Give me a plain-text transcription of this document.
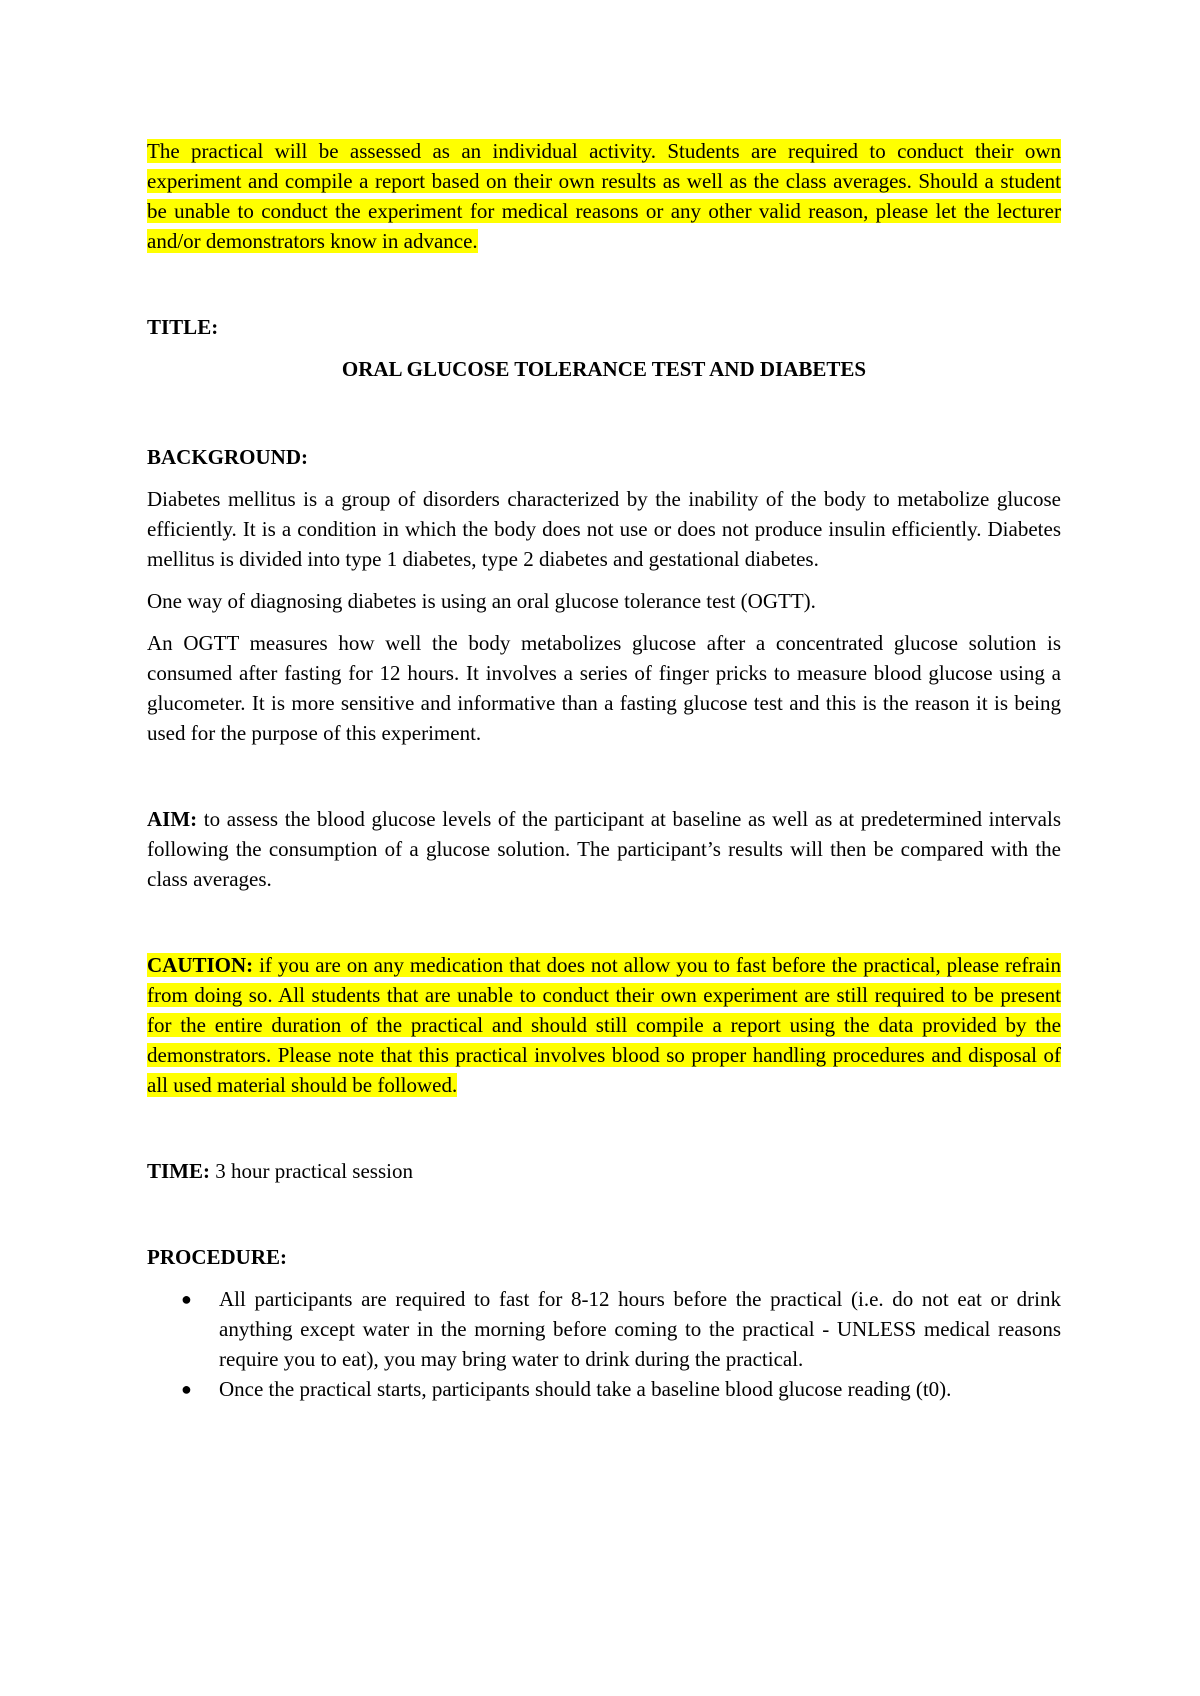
The practical will be assessed as an individual activity. Students are required to conduct their own experiment and compile a report based on their own results as well as the class averages. Should a student be unable to conduct the experiment for medical reasons or any other valid reason, please let the lecturer and/or demonstrators know in advance.

TITLE:

ORAL GLUCOSE TOLERANCE TEST AND DIABETES

BACKGROUND:

Diabetes mellitus is a group of disorders characterized by the inability of the body to metabolize glucose efficiently. It is a condition in which the body does not use or does not produce insulin efficiently. Diabetes mellitus is divided into type 1 diabetes, type 2 diabetes and gestational diabetes.

One way of diagnosing diabetes is using an oral glucose tolerance test (OGTT).

An OGTT measures how well the body metabolizes glucose after a concentrated glucose solution is consumed after fasting for 12 hours. It involves a series of finger pricks to measure blood glucose using a glucometer. It is more sensitive and informative than a fasting glucose test and this is the reason it is being used for the purpose of this experiment.

AIM: to assess the blood glucose levels of the participant at baseline as well as at predetermined intervals following the consumption of a glucose solution. The participant’s results will then be compared with the class averages.

CAUTION: if you are on any medication that does not allow you to fast before the practical, please refrain from doing so. All students that are unable to conduct their own experiment are still required to be present for the entire duration of the practical and should still compile a report using the data provided by the demonstrators. Please note that this practical involves blood so proper handling procedures and disposal of all used material should be followed.

TIME: 3 hour practical session

PROCEDURE:

● All participants are required to fast for 8-12 hours before the practical (i.e. do not eat or drink anything except water in the morning before coming to the practical - UNLESS medical reasons require you to eat), you may bring water to drink during the practical.
● Once the practical starts, participants should take a baseline blood glucose reading (t0).
